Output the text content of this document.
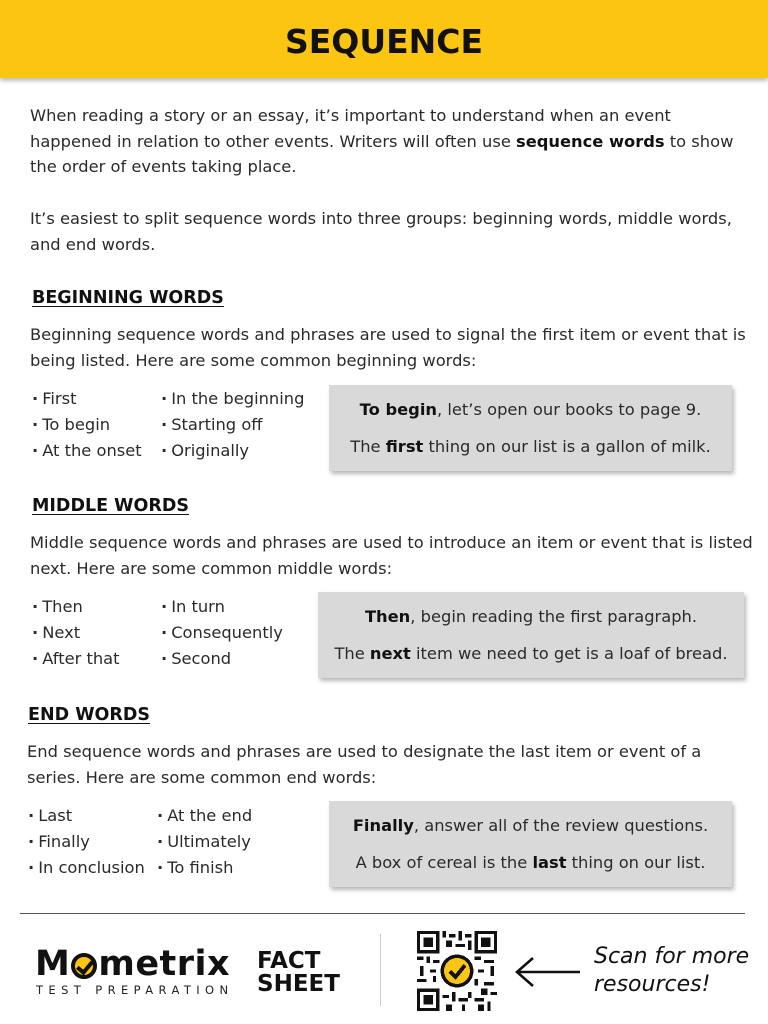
SEQUENCE

When reading a story or an essay, it’s important to understand when an event happened in relation to other events. Writers will often use sequence words to show the order of events taking place.

It’s easiest to split sequence words into three groups: beginning words, middle words, and end words.

BEGINNING WORDS

Beginning sequence words and phrases are used to signal the first item or event that is being listed. Here are some common beginning words:

· First
· To begin
· At the onset
· In the beginning
· Starting off
· Originally

To begin, let’s open our books to page 9.

The first thing on our list is a gallon of milk.

MIDDLE WORDS

Middle sequence words and phrases are used to introduce an item or event that is listed next. Here are some common middle words:

· Then
· Next
· After that
· In turn
· Consequently
· Second

Then, begin reading the first paragraph.

The next item we need to get is a loaf of bread.

END WORDS

End sequence words and phrases are used to designate the last item or event of a series. Here are some common end words:

· Last
· Finally
· In conclusion
· At the end
· Ultimately
· To finish

Finally, answer all of the review questions.

A box of cereal is the last thing on our list.

M metrix
TEST PREPARATION
FACT
SHEET
Scan for more
resources!
